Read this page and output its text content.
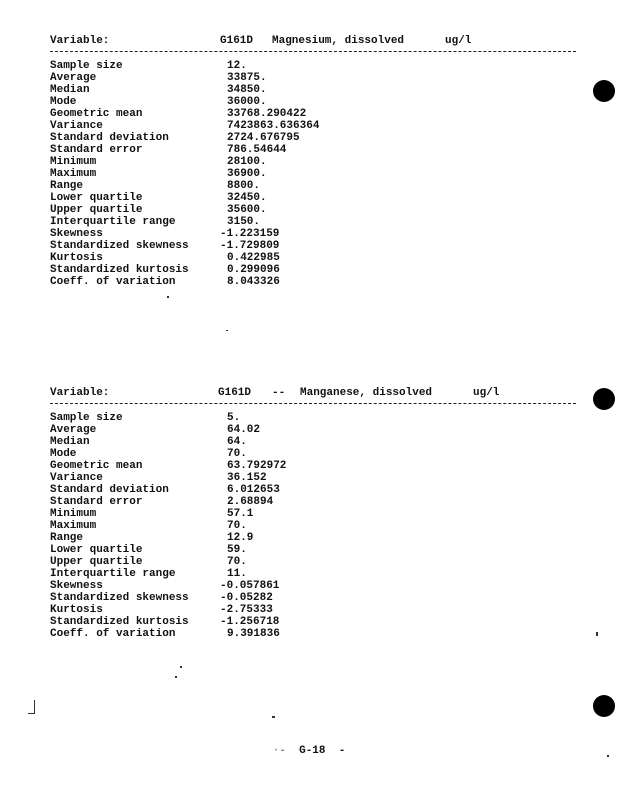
Variable:	G161D Magnesium, dissolved	ug/l
Sample size	12.
Average	33875.
Median	34850.
Mode	36000.
Geometric mean	33768.290422
Variance	7423863.636364
Standard deviation	2724.676795
Standard error	786.54644
Minimum	28100.
Maximum	36900.
Range	8800.
Lower quartile	32450.
Upper quartile	35600.
Interquartile range	3150.
Skewness	-1.223159
Standardized skewness	-1.729809
Kurtosis	0.422985
Standardized kurtosis	0.299096
Coeff. of variation	8.043326
Variable:	G161D -- Manganese, dissolved	ug/l
Sample size	5.
Average	64.02
Median	64.
Mode	70.
Geometric mean	63.792972
Variance	36.152
Standard deviation	6.012653
Standard error	2.68894
Minimum	57.1
Maximum	70.
Range	12.9
Lower quartile	59.
Upper quartile	70.
Interquartile range	11.
Skewness	-0.057861
Standardized skewness	-0.05282
Kurtosis	-2.75333
Standardized kurtosis	-1.256718
Coeff. of variation	9.391836
·-  G-18  -
